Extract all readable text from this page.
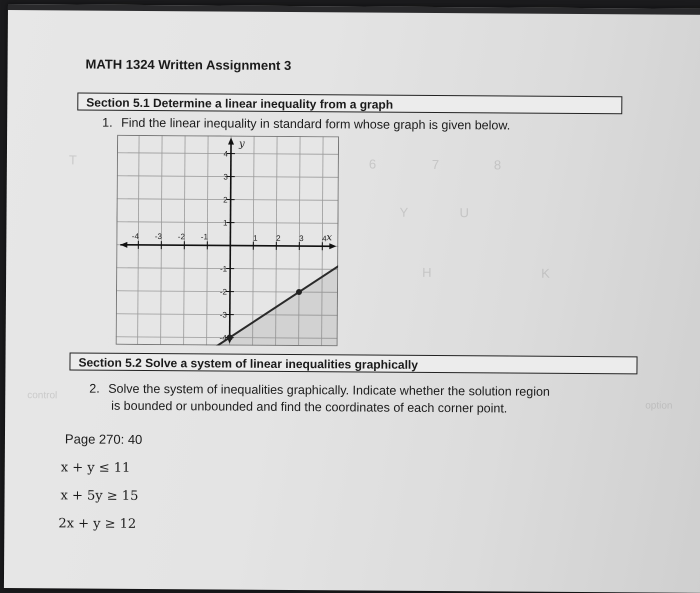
T	6	7	8
Y	U
H	K
control
option
MATH 1324 Written Assignment 3
Section 5.1 Determine a linear inequality from a graph
1. Find the linear inequality in standard form whose graph is given below.
-4 -3 -2 -1	1 2 3 4
4
3
2
1
-1
-2
-3
-4
y
x
Section 5.2 Solve a system of linear inequalities graphically
2. Solve the system of inequalities graphically. Indicate whether the solution region
is bounded or unbounded and find the coordinates of each corner point.
Page 270: 40
x + y ≤ 11
x + 5y ≥ 15
2x + y ≥ 12
